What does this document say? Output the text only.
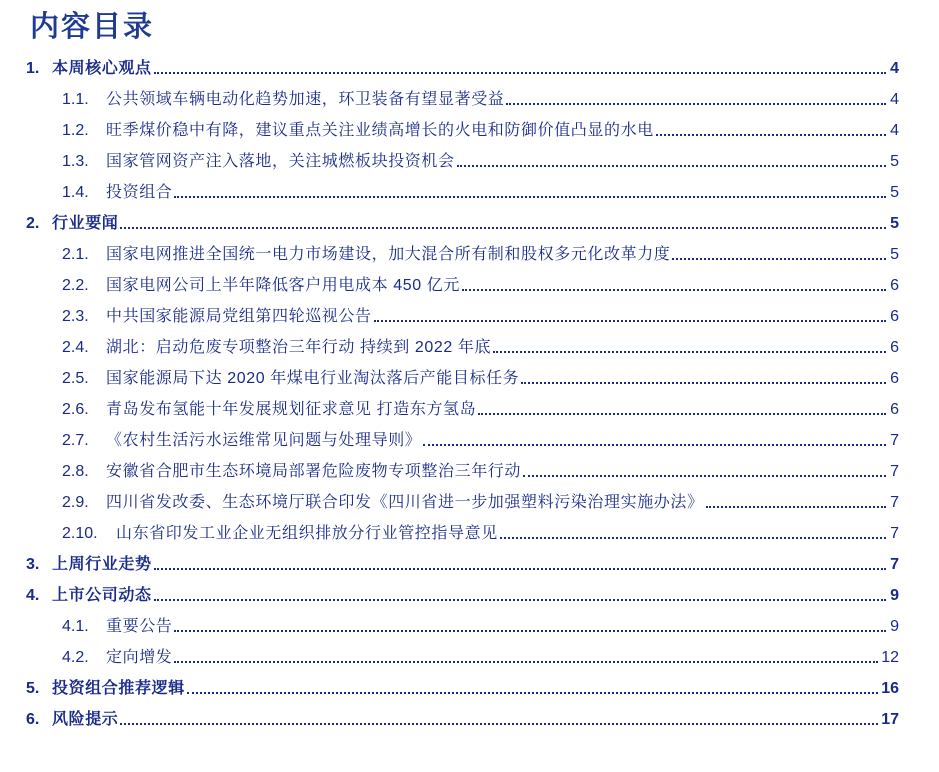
内容目录
1. 本周核心观点	4
1.1.	公共领域车辆电动化趋势加速，环卫装备有望显著受益	4
1.2.	旺季煤价稳中有降，建议重点关注业绩高增长的火电和防御价值凸显的水电	4
1.3.	国家管网资产注入落地，关注城燃板块投资机会	5
1.4.	投资组合	5
2. 行业要闻	5
2.1.	国家电网推进全国统一电力市场建设，加大混合所有制和股权多元化改革力度	5
2.2.	国家电网公司上半年降低客户用电成本 450 亿元	6
2.3.	中共国家能源局党组第四轮巡视公告	6
2.4.	湖北：启动危废专项整治三年行动 持续到 2022 年底	6
2.5.	国家能源局下达 2020 年煤电行业淘汰落后产能目标任务	6
2.6.	青岛发布氢能十年发展规划征求意见 打造东方氢岛	6
2.7.	《农村生活污水运维常见问题与处理导则》	7
2.8.	安徽省合肥市生态环境局部署危险废物专项整治三年行动	7
2.9.	四川省发改委、生态环境厅联合印发《四川省进一步加强塑料污染治理实施办法》	7
2.10.	山东省印发工业企业无组织排放分行业管控指导意见	7
3. 上周行业走势	7
4. 上市公司动态	9
4.1.	重要公告	9
4.2.	定向增发	12
5. 投资组合推荐逻辑	16
6. 风险提示	17
